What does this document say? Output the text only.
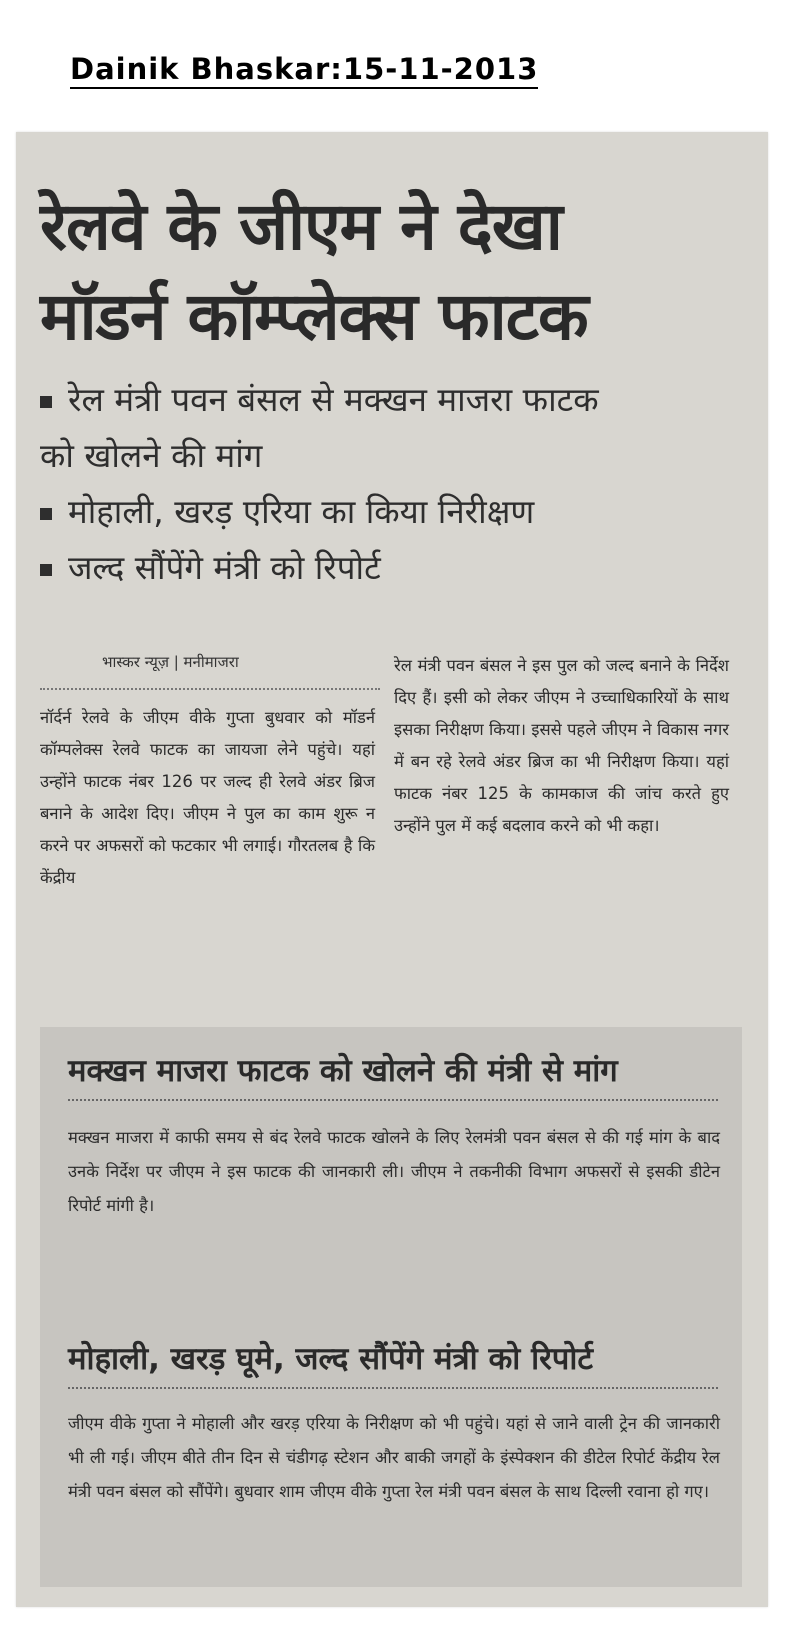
Dainik Bhaskar:15-11-2013
रेलवे के जीएम ने देखा
मॉडर्न कॉम्प्लेक्स फाटक
रेल मंत्री पवन बंसल से मक्खन माजरा फाटक
को खोलने की मांग
मोहाली, खरड़ एरिया का किया निरीक्षण
जल्द सौंपेंगे मंत्री को रिपोर्ट
भास्कर न्यूज़ | मनीमाजरा

नॉर्दर्न रेलवे के जीएम वीके गुप्ता बुधवार को मॉडर्न कॉम्पलेक्स रेलवे फाटक का जायजा लेने पहुंचे। यहां उन्होंने फाटक नंबर 126 पर जल्द ही रेलवे अंडर ब्रिज बनाने के आदेश दिए। जीएम ने पुल का काम शुरू न करने पर अफसरों को फटकार भी लगाई। गौरतलब है कि केंद्रीय

रेल मंत्री पवन बंसल ने इस पुल को जल्द बनाने के निर्देश दिए हैं। इसी को लेकर जीएम ने उच्चाधिकारियों के साथ इसका निरीक्षण किया। इससे पहले जीएम ने विकास नगर में बन रहे रेलवे अंडर ब्रिज का भी निरीक्षण किया। यहां फाटक नंबर 125 के कामकाज की जांच करते हुए उन्होंने पुल में कई बदलाव करने को भी कहा।

मक्खन माजरा फाटक को खोलने की मंत्री से मांग
मक्खन माजरा में काफी समय से बंद रेलवे फाटक खोलने के लिए रेलमंत्री पवन बंसल से की गई मांग के बाद उनके निर्देश पर जीएम ने इस फाटक की जानकारी ली। जीएम ने तकनीकी विभाग अफसरों से इसकी डीटेन रिपोर्ट मांगी है।
मोहाली, खरड़ घूमे, जल्द सौंपेंगे मंत्री को रिपोर्ट
जीएम वीके गुप्ता ने मोहाली और खरड़ एरिया के निरीक्षण को भी पहुंचे। यहां से जाने वाली ट्रेन की जानकारी भी ली गई। जीएम बीते तीन दिन से चंडीगढ़ स्टेशन और बाकी जगहों के इंस्पेक्शन की डीटेल रिपोर्ट केंद्रीय रेल मंत्री पवन बंसल को सौंपेंगे। बुधवार शाम जीएम वीके गुप्ता रेल मंत्री पवन बंसल के साथ दिल्ली रवाना हो गए।
